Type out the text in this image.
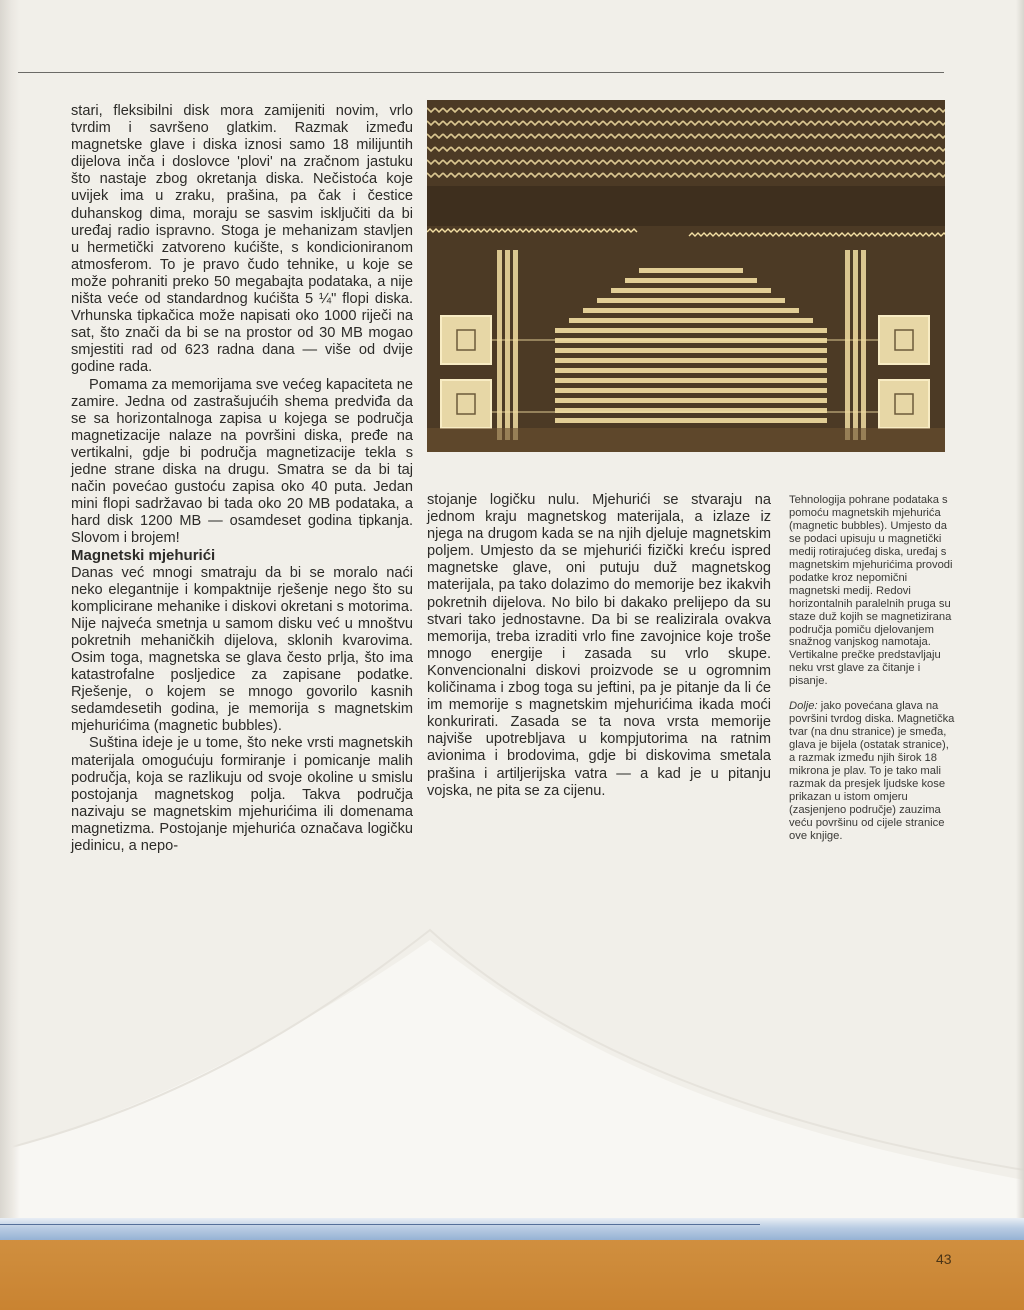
stari, fleksibilni disk mora zamijeniti novim, vrlo tvrdim i savršeno glatkim. Razmak između magnetske glave i diska iznosi samo 18 milijuntih dijelova inča i doslovce 'plovi' na zračnom jastuku što nastaje zbog okretanja diska. Nečistoća koje uvijek ima u zraku, prašina, pa čak i čestice duhanskog dima, moraju se sasvim isključiti da bi uređaj radio ispravno. Stoga je mehanizam stavljen u hermetički zatvoreno kućište, s kondicioniranom atmosferom. To je pravo čudo tehnike, u koje se može pohraniti preko 50 megabajta podataka, a nije ništa veće od standardnog kućišta 5 ¼" flopi diska. Vrhunska tipkačica može napisati oko 1000 riječi na sat, što znači da bi se na prostor od 30 MB mogao smjestiti rad od 623 radna dana — više od dvije godine rada.

Pomama za memorijama sve većeg kapaciteta ne zamire. Jedna od zastrašujućih shema predviđa da se sa horizontalnoga zapisa u kojega se područja magnetizacije nalaze na površini diska, pređe na vertikalni, gdje bi područja magnetizacije tekla s jedne strane diska na drugu. Smatra se da bi taj način povećao gustoću zapisa oko 40 puta. Jedan mini flopi sadržavao bi tada oko 20 MB podataka, a hard disk 1200 MB — osamdeset godina tipkanja. Slovom i brojem!

Magnetski mjehurići

Danas već mnogi smatraju da bi se moralo naći neko elegantnije i kompaktnije rješenje nego što su komplicirane mehanike i diskovi okretani s motorima. Nije najveća smetnja u samom disku već u mnoštvu pokretnih mehaničkih dijelova, sklonih kvarovima. Osim toga, magnetska se glava često prlja, što ima katastrofalne posljedice za zapisane podatke. Rješenje, o kojem se mnogo govorilo kasnih sedamdesetih godina, je memorija s magnetskim mjehurićima (magnetic bubbles).

Suština ideje je u tome, što neke vrsti magnetskih materijala omogućuju formiranje i pomicanje malih područja, koja se razlikuju od svoje okoline u smislu postojanja magnetskog polja. Takva područja nazivaju se magnetskim mjehurićima ili domenama magnetizma. Postojanje mjehurića označava logičku jedinicu, a nepo-

stojanje logičku nulu. Mjehurići se stvaraju na jednom kraju magnetskog materijala, a izlaze iz njega na drugom kada se na njih djeluje magnetskim poljem. Umjesto da se mjehurići fizički kreću ispred magnetske glave, oni putuju duž magnetskog materijala, pa tako dolazimo do memorije bez ikakvih pokretnih dijelova. No bilo bi dakako prelijepo da su stvari tako jednostavne. Da bi se realizirala ovakva memorija, treba izraditi vrlo fine zavojnice koje troše mnogo energije i zasada su vrlo skupe. Konvencionalni diskovi proizvode se u ogromnim količinama i zbog toga su jeftini, pa je pitanje da li će im memorije s magnetskim mjehurićima ikada moći konkurirati. Zasada se ta nova vrsta memorije najviše upotrebljava u kompjutorima na ratnim avionima i brodovima, gdje bi diskovima smetala prašina i artiljerijska vatra — a kad je u pitanju vojska, ne pita se za cijenu.

Tehnologija pohrane podataka s pomoću magnetskih mjehurića (magnetic bubbles). Umjesto da se podaci upisuju u magnetički medij rotirajućeg diska, uređaj s magnetskim mjehurićima provodi podatke kroz nepomični magnetski medij. Redovi horizontalnih paralelnih pruga su staze duž kojih se magnetizirana područja pomiču djelovanjem snažnog vanjskog namotaja. Vertikalne prečke predstavljaju neku vrst glave za čitanje i pisanje.

Dolje: jako povećana glava na površini tvrdog diska. Magnetička tvar (na dnu stranice) je smeđa, glava je bijela (ostatak stranice), a razmak između njih širok 18 mikrona je plav. To je tako mali razmak da presjek ljudske kose prikazan u istom omjeru (zasjenjeno područje) zauzima veću površinu od cijele stranice ove knjige.

43
